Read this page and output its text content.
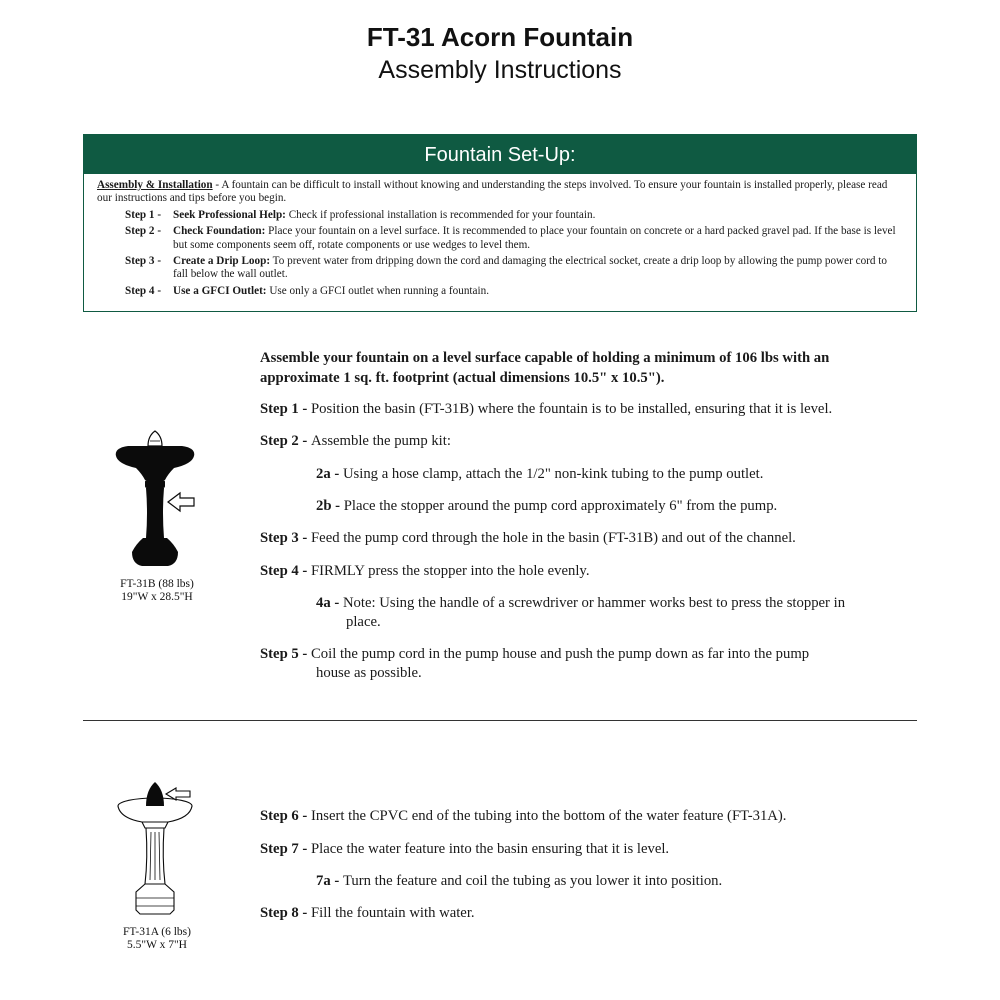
FT-31 Acorn Fountain
Assembly Instructions
Fountain Set-Up:
Assembly & Installation - A fountain can be difficult to install without knowing and understanding the steps involved. To ensure your fountain is installed properly, please read our instructions and tips before you begin.
Step 1 -	Seek Professional Help: Check if professional installation is recommended for your fountain.
Step 2 -	Check Foundation: Place your fountain on a level surface. It is recommended to place your fountain on concrete or a hard packed gravel pad. If the base is level but some components seem off, rotate components or use wedges to level them.
Step 3 -	Create a Drip Loop: To prevent water from dripping down the cord and damaging the electrical socket, create a drip loop by allowing the pump power cord to fall below the wall outlet.
Step 4 -	Use a GFCI Outlet: Use only a GFCI outlet when running a fountain.
Assemble your fountain on a level surface capable of holding a minimum of 106 lbs with an approximate 1 sq. ft. footprint (actual dimensions 10.5" x 10.5").
Step 1 - Position the basin (FT-31B) where the fountain is to be installed, ensuring that it is level.
Step 2 - Assemble the pump kit:
2a - Using a hose clamp, attach the 1/2" non-kink tubing to the pump outlet.
2b - Place the stopper around the pump cord approximately 6" from the pump.
Step 3 - Feed the pump cord through the hole in the basin (FT-31B) and out of the channel.
Step 4 - FIRMLY press the stopper into the hole evenly.
4a - Note: Using the handle of a screwdriver or hammer works best to press the stopper in
place.
Step 5 - Coil the pump cord in the pump house and push the pump down as far into the pump
house as possible.
Step 6 - Insert the CPVC end of the tubing into the bottom of the water feature (FT-31A).
Step 7 - Place the water feature into the basin ensuring that it is level.
7a - Turn the feature and coil the tubing as you lower it into position.
Step 8 - Fill the fountain with water.
FT-31B (88 lbs)
19"W x 28.5"H
FT-31A (6 lbs)
5.5"W x 7"H
